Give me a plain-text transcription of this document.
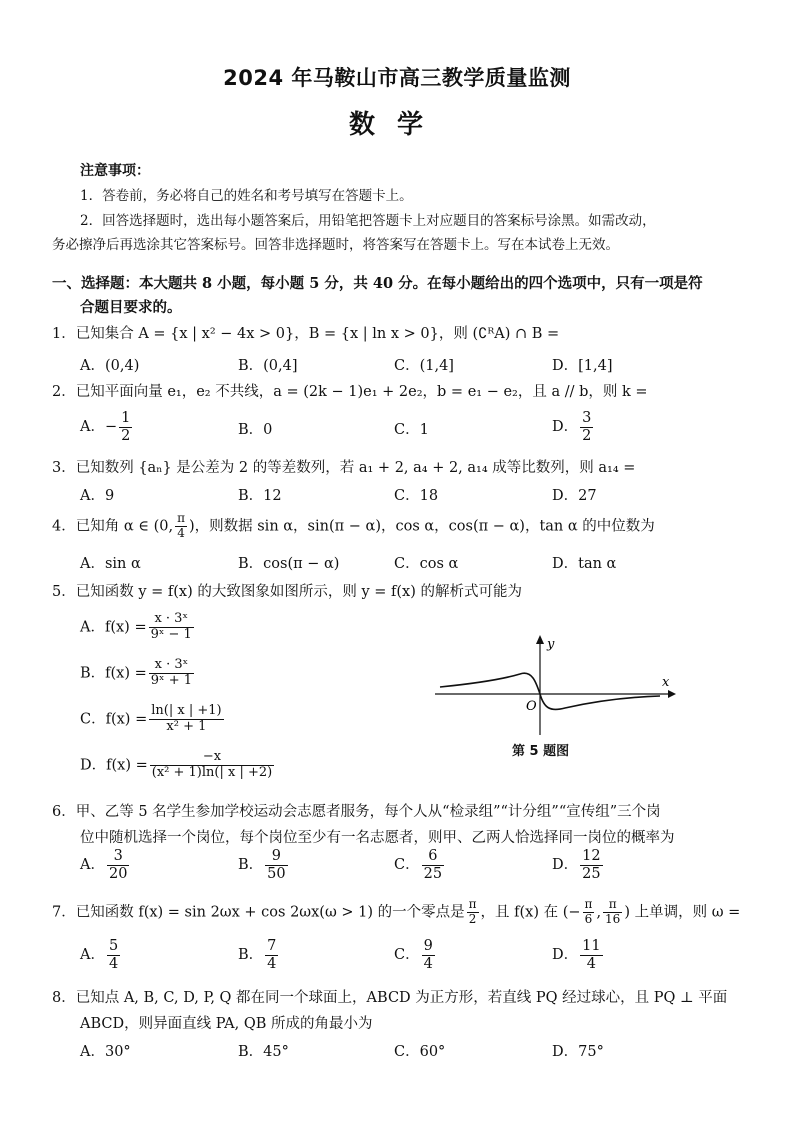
2024 年马鞍山市高三教学质量监测
数学
注意事项：
1．答卷前，务必将自己的姓名和考号填写在答题卡上。
2．回答选择题时，选出每小题答案后，用铅笔把答题卡上对应题目的答案标号涂黑。如需改动，
务必擦净后再选涂其它答案标号。回答非选择题时，将答案写在答题卡上。写在本试卷上无效。
一、选择题：本大题共 8 小题，每小题 5 分，共 40 分。在每小题给出的四个选项中，只有一项是符
合题目要求的。
1．已知集合 A = {x | x² − 4x > 0}，B = {x | ln x > 0}，则 (∁ᴿA) ∩ B =
A．(0,4)	B．(0,4]	C．(1,4]	D．[1,4]
2．已知平面向量 e₁，e₂ 不共线，a = (2k − 1)e₁ + 2e₂，b = e₁ − e₂，且 a // b，则 k =
A．− $\frac{1}{2}$	B．0	C．1	D． $\frac{3}{2}$
3．已知数列 {aₙ} 是公差为 2 的等差数列，若 a₁ + 2, a₄ + 2, a₁₄ 成等比数列，则 a₁₄ =
A．9	B．12	C．18	D．27
4．已知角 α ∈ (0, $\frac{\pi}{4}$ )，则数据 sin α，sin(π − α)，cos α，cos(π − α)，tan α 的中位数为
A．sin α	B．cos(π − α)	C．cos α	D．tan α
5．已知函数 y = f(x) 的大致图象如图所示，则 y = f(x) 的解析式可能为
A．$f(x) = \frac{\text{x · 3ˣ}}{\text{9ˣ − 1}}$
B．$f(x) = \frac{\text{x · 3ˣ}}{\text{9ˣ + 1}}$
C．$f(x) = \frac{\ln(| x | +1)}{\text{x² + 1}}$
D．$f(x) = \frac{-x}{\text{(x² + 1)ln(| x | +2)}}$
y
x
O
第 5 题图
6．甲、乙等 5 名学生参加学校运动会志愿者服务，每个人从“检录组”“计分组”“宣传组”三个岗
位中随机选择一个岗位，每个岗位至少有一名志愿者，则甲、乙两人恰选择同一岗位的概率为
A． $\frac{3}{20}$	B． $\frac{9}{50}$	C． $\frac{6}{25}$	D． $\frac{12}{25}$
7．已知函数 f(x) = sin 2ωx + cos 2ωx(ω > 1) 的一个零点是 $\frac{\pi}{2}$ ，且 f(x) 在 (− $\frac{\pi}{6}$ , $\frac{\pi}{16}$ ) 上单调，则 ω =
A． $\frac{5}{4}$	B． $\frac{7}{4}$	C． $\frac{9}{4}$	D． $\frac{11}{4}$
8．已知点 A, B, C, D, P, Q 都在同一个球面上，ABCD 为正方形，若直线 PQ 经过球心，且 PQ ⊥ 平面
ABCD，则异面直线 PA, QB 所成的角最小为
A．30°	B．45°	C．60°	D．75°
